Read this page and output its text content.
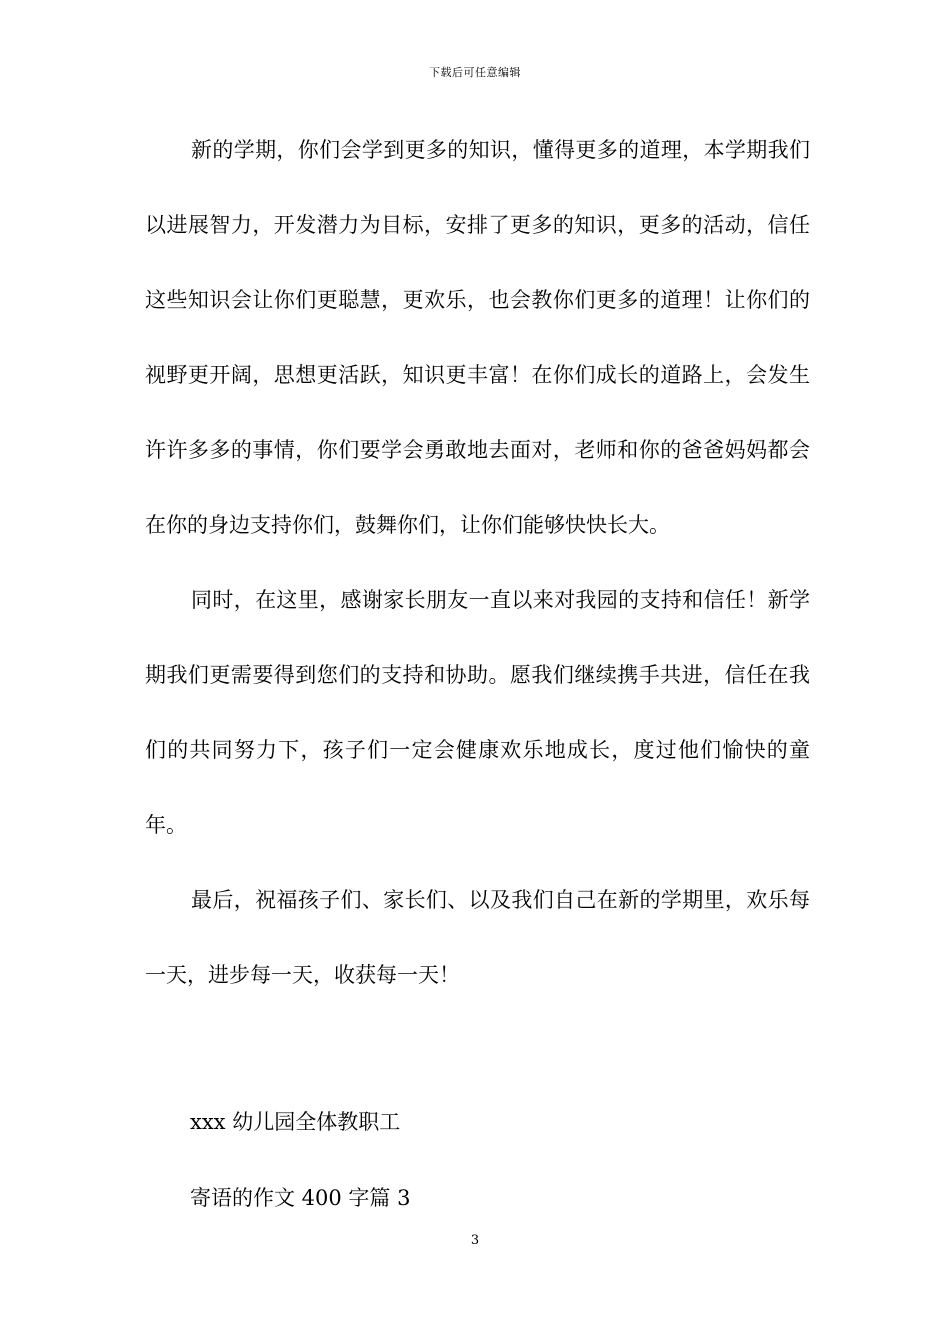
下载后可任意编辑

新的学期，你们会学到更多的知识，懂得更多的道理，本学期我们以进展智力，开发潜力为目标，安排了更多的知识，更多的活动，信任这些知识会让你们更聪慧，更欢乐，也会教你们更多的道理！让你们的视野更开阔，思想更活跃，知识更丰富！在你们成长的道路上，会发生许许多多的事情，你们要学会勇敢地去面对，老师和你的爸爸妈妈都会在你的身边支持你们，鼓舞你们，让你们能够快快长大。

同时，在这里，感谢家长朋友一直以来对我园的支持和信任！新学期我们更需要得到您们的支持和协助。愿我们继续携手共进，信任在我们的共同努力下，孩子们一定会健康欢乐地成长，度过他们愉快的童年。

最后，祝福孩子们、家长们、以及我们自己在新的学期里，欢乐每一天，进步每一天，收获每一天！

xxx 幼儿园全体教职工
寄语的作文 400 字篇 3
3
